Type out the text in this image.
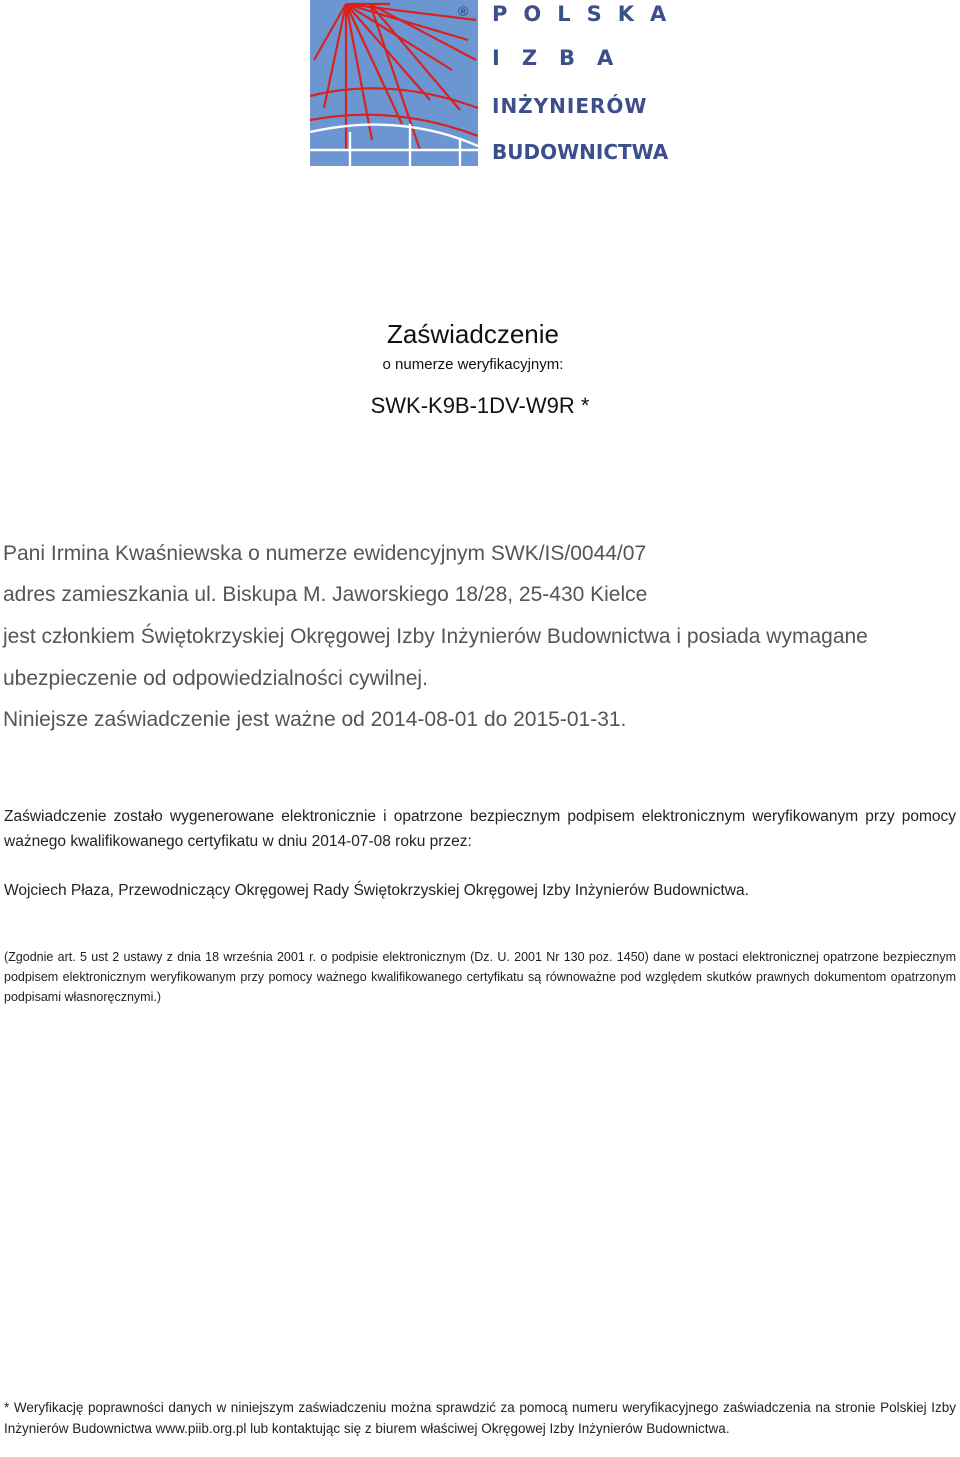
® POLSKA
IZBA
INŻYNIERÓW
BUDOWNICTWA
Zaświadczenie
o numerze weryfikacyjnym:
SWK-K9B-1DV-W9R *
Pani Irmina Kwaśniewska o numerze ewidencyjnym SWK/IS/0044/07
adres zamieszkania ul. Biskupa M. Jaworskiego 18/28, 25-430 Kielce
jest członkiem Świętokrzyskiej Okręgowej Izby Inżynierów Budownictwa i posiada wymagane
ubezpieczenie od odpowiedzialności cywilnej.
Niniejsze zaświadczenie jest ważne od 2014-08-01 do 2015-01-31.
Zaświadczenie zostało wygenerowane elektronicznie i opatrzone bezpiecznym podpisem elektronicznym weryfikowanym przy pomocy ważnego kwalifikowanego certyfikatu w dniu 2014-07-08 roku przez:
Wojciech Płaza, Przewodniczący Okręgowej Rady Świętokrzyskiej Okręgowej Izby Inżynierów Budownictwa.
(Zgodnie art. 5 ust 2 ustawy z dnia 18 września 2001 r. o podpisie elektronicznym (Dz. U. 2001 Nr 130 poz. 1450) dane w postaci elektronicznej opatrzone bezpiecznym podpisem elektronicznym weryfikowanym przy pomocy ważnego kwalifikowanego certyfikatu są równoważne pod względem skutków prawnych dokumentom opatrzonym podpisami własnoręcznymi.)
* Weryfikację poprawności danych w niniejszym zaświadczeniu można sprawdzić za pomocą numeru weryfikacyjnego zaświadczenia na stronie Polskiej Izby Inżynierów Budownictwa www.piib.org.pl lub kontaktując się z biurem właściwej Okręgowej Izby Inżynierów Budownictwa.
